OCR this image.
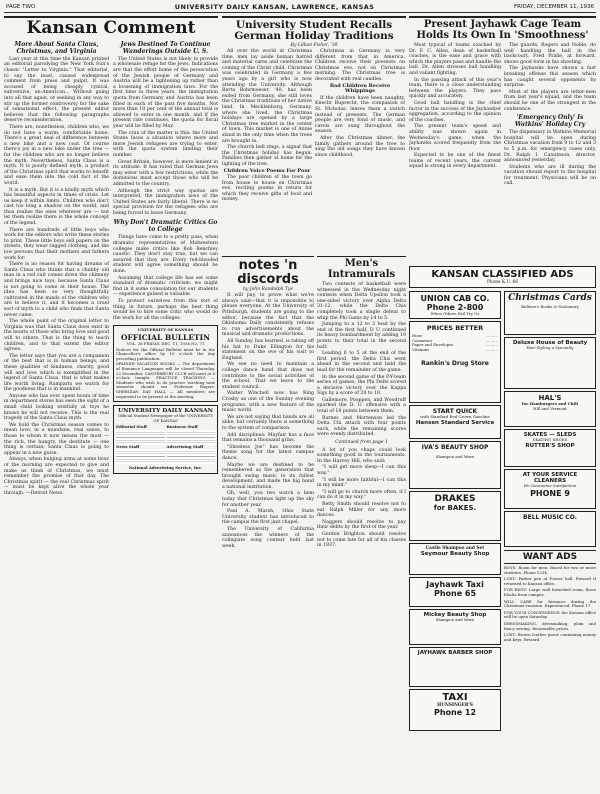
PAGE TWO	UNIVERSITY DAILY KANSAN, LAWRENCE, KANSAS	FRIDAY, DECEMBER 11, 1936
Kansan Comment
More About Santa Claus, Christmas, and Virginia

Last year at this time the Kansan printed an editorial parodying the New York Sun's classic "Letter to Virginia." That editorial, to say the least, caused widespread comment from press and pulpit. It was accused of being cheaply cynical, subversive, un-American... Without going into all that again, or seeking in any way to stir up the former controversy for the sake of sensational effect, the present editor believes that the following paragraphs deserve reconsideration.

There are, nonetheless, children who, we do not have a warm, comfortable home. There's a great deal of difference between a new bike and a new coat. Of course there's joy in a new bike under the tree — for the children who are no longer believe the myth. Nevertheless, Santa Claus is a myth. It is poorly defined myth, a product of the Christmas spirit that works to benefit and ease them into the cold fact of the world.

It is a myth. But it is a kindly myth which has beautiful aspects in times of crisis. Let us keep it within limits. Children who don't cast too long a shadow on the world, and thus realize the ones wherever are — but let them realize there is the whole concept of the legend.

There are hundreds of little boys who work for the editors who write these stories to print. These little boys sell papers on the streets, they wear ragged clothing, and the low persons that their mothers and fathers work for.

There is no reason for having dreams of Santa Claus who thinks that a chubby old man in a red suit comes down the chimney and brings nice toys, because Santa Claus is not going to come at their house. The idea has been so very thoughtfully cultivated in the minds of the children who are to believe it, and it becomes a cruel sort of myth to a child who finds that Santa never came.

The whole point of the original letter to Virginia was that Santa Claus does exist in the hearts of those who bring love and good will to others. That is the thing to teach children, and to that extent the editor agrees.

The letter says that you are a companion of the best that is in human beings, and these qualities of kindness, charity, good will and love which is exemplified in the legend of Santa Claus, that is what makes life worth living. Ramparts we watch for the goodness that is in mankind.

Anyone who has ever spent hours of time in department stores has seen the sight of a small child looking wistfully at toys he knows he will not receive. This is the real tragedy of the Santa Claus myth.

We hold the Christmas season comes to mean love, in a mundane, real sense, to those to whom it now means the most — the rich, the hungry, the destitute — one thing is certain: Santa Claus is going to appear in a new guise.

Always, when bulging arms at some hour of the morning are expected to give and make us think of Christmas, we must remember the promise of that day. The Christmas spirit — the real Christmas spirit — must be kept alive the whole year through. —Detroit News.

Jews Destined To Continue Wanderings Outside U. S.

The United States is not likely to provide a wholesale refuge for the Jews. Indications are that the effort home of the persecution of the Jewish people of Germany and Austria will be a tightening up rather than a loosening of immigration laws. For the first time in three years, the immigration quota from Germany and Austria has been filled in each of the past five months. Not more than 10 per cent of the annual total is allowed to enter in one month, and if the present rate continues, the quota for fiscal year will be filled by May.

The crux of the matter is this: the United States faces a situation where more and more Jewish refugees are trying to enter, with the quota system limiting their number.

Great Britain, however, is more lenient in its attitude. It has ruled that German Jews may enter with a few restrictions, while the dominions must accept those who will be admitted to the country.

Although the strict way quotas are interpreted, the immigration laws of the United States are fairly liberal. There is no special provision for the refugees who are being forced to leave Germany.

Why Don't Dramatic Critics Go to College

Things have come to a pretty pass, when dramatic representatives of Midwestern colleges make critics like Bob Benchley caustic. They don't stay true, but we can assured that they are. Every red-blooded student will agree something should be done.

Assuming that college life has set some standard of dramatic criticism, we might find in it some consolation for our students — experience gained is valuable.

To protect ourselves from this sort of thing in future, perhaps the best thing would be to hire some critic who would do the work for all the colleges.

UNIVERSITY OF KANSAS
OFFICIAL BULLETIN
VOL. 38 FRIDAY, DEC. 11, 1936 No. 71
Notices for the Official Bulletin must be in the Chancellor's office by 10 o'clock the day preceding publication.
SPANISH VACATION BOOKS — The department of Romance Languages will be closed Thursday, 22 December. CANTERBURY CLUB will meet at 8 o'clock tonight. PRACTICE TEACHING — Students who wish to do practice teaching next semester should see Professor Rogers. SHERIDAN DAY HALL — All members are requested to be present at the meeting.
UNIVERSITY DAILY KANSAN
Official Student Newspaper of the UNIVERSITY OF KANSAS
Editorial Staff
News Staff
Business Staff
Advertising Staff
National Advertising Service, Inc.
University Student Recalls German Holiday Traditions
By Lillian Fisher, '38

All over the world at Christmas time, men lay aside human hatred and material cares and celebrate the coming of the Christ child. Christmas was celebrated in Germany a few years ago by a girl who is now attending the University. Although Berta Rohrmoeser, '40, has been exiled from Germany, she still loves the Christmas traditions of her native land. In Mecklenburg, Germany, where she lived, the Christmas holidays are opened by a large Christmas tree market in the center of town. This market is one of Annie sland in the only time when the trees are brought in.

The church bell rings, a signal that the Christmas holiday has begun. Families then gather at home for the lighting of the tree.

Children Voice Poems For Poor

The poor children of the town go from house to house on Christmas eve, reciting poems in return for which they receive gifts of food and money.

Christmas in Germany is very different from that in America. Children receive their presents on Christmas eve, not on Christmas morning. The Christmas tree is decorated with real candles.

Bad Children Receive Whippings

If the children have been naughty, Knecht Ruprecht, the companion of St. Nicholas, leaves them a switch instead of presents. The German people are very fond of music, and carols are sung throughout the season.

After the Christmas dinner, the family gathers around the tree to sing the old songs they have known since childhood.

notes 'n
discords
by John Randolph Tye

It will pay, to prove what we're always said—that it is impossible to please everyone. At the University of Pittsburgh, students are going to the editor, because the fact that the Oklahoma Daily consistently refuses to run advertisements about the musical and dramatic productions.

All Sunday, has learned, is taking off his hat to Duke Ellington for his statement on the eve of his visit to England.

We see no need to maintain a college dance band that does not contribute to the social activities of the school. That we leave to the student council.

Walter Winchell now has Bing Crosby as one of the Sunday evening programs, with a new feature of the music world.

We are not saying that bands are all alike, but certainly there is something to the system of comparison.

Add disciplines: Mayfair has a face that remains a thousand grins.

"Shoeless Joe" has become the theme song for the latest campus dance.

Maybe we are destined to be remembered as the generation that brought swing music to its fullest development, and made the big band a national institution.

Oh, well, you two watch a hem today that Christmas light up the sky for another year.

Paul A. Marsh, Ohio State University student has introduced to the campus the first jazz chapel.

The University of California announces the winners of the collegiate song contest held last week.

Men's Intramurals

Two contests of basketball were witnessed in the Wednesday night contests when Delta Upsilon took a one-sided victory over Alpha Delta 31-12, while the Delta Chis completely took a single defeat to whip the Phi Gams by 14 to 5.

Jumping to a 12 to 2 lead by the end of the first half, D U continued its heavy bombardment by adding 19 points to their total in the second half.

Leading 6 to 5 at the end of the first period, the Delta Chis went ahead in the second and held the lead for the remainder of the game.

In the second game of the P-Y-team series of games, the Phi Delts scored a decisive victory over the Kappa Sigs by a score of 20 to 10.

Gallemore, Pooppen, and Woodruff sparked the D. U. offensive with a total of 18 points between them.

Barnes and Mortenson led the Delta Chi attack with four points each, while the remaining scores were evenly distributed.

Continued from page 1

A lot of you chaps could look something good in the tournaments. In the Harvey Hill, who said:

"I will get more sleep—I can this way."

"I will be more faithful—I can this in my mind."

"I will go to church more often, if I can do it in my way."

Betty Smith should resolve not to eat Ralph Miller for any more dances.

Naggers should resolve to pay their debts by the first of the year.

Gordon Brighton should resolve not to come late for all of his classes in 1937.

Present Jayhawk Cage Team Holds Its Own In 'Smoothness'

Most typical of teams coached by Dr. F. C. Allen, dean of basketball coaches, is the ease and grace with which the players pass and handle the ball. Dr. Allen stresses ball handling and valiant fighting.

In the passing attack of this year's team, there is a close understanding between the players. They pass quickly and accurately.

Good ball handling is the chief factor in the success of the Jayhawker aggregation, according to the opinion of the coaches.

The present team's speed and ability was shown again in Wednesday's game, when the Jayhawks scored frequently from the floor.

Expected to be one of the finest teams of recent years, the current squad is strong in every department.

The guards, Rogers and Noble, do well handling the ball in the backcourt. Fred Pralle, at forward, shows good form in his shooting.

The Jayhawks have shown a fast breaking offense this season which has caught several opponents by surprise.

Most of the players are letter-men from last year's squad, and the team should be one of the strongest in the conference.

'Emergency Only' Is Watkins' Holiday Cry

The dispensary in Watkins Memorial hospital will be open during Christmas vacation from 9 to 12 and 3 to 5 p.m. for emergency cases only, Dr. Ralph I. Canuteson, director, announced yesterday.

Students who are ill during the vacation should report to the hospital for treatment. Physicians will be on call.

KANSAN CLASSIFIED ADS
Phone K.U. 66
UNION CAB CO.
Phone 2-800
When Others Fail Try Us
PRICES BETTER
Hose	..........
Cosmetics	..........
Paper and Envelopes	..........
Vitamins	..........
Rankin's Drug Store
START QUICK
with Standard Red Crown Gasoline
Hansen Standard Service
IVA'S BEAUTY SHOP
Shampoo and Wave
DRAKES
for BAKES.
Castle Shampoo and Set
Seymour Beauty Shop
Jayhawk Taxi
Phone 65
Mickey Beauty Shop
Shampoo and Wave
JAYHAWK BARBER SHOP
TAXI
HUNSINGER'S
Phone 12
Christmas Cards
Bullene's Books & Stationery
Deluxe House of Beauty
Hair Styling a Specialty
HAL'S
for Hamburgers and Chili
Hill and Vermont
SKATES — SLEDS
SKATING SHOES
RUTTER'S SHOP
AT YOUR SERVICE CLEANERS
We Guarantee Satisfaction
PHONE 9
BELL MUSIC CO.
WANT ADS

BOYS: Room for men. Board for two or more students. Phone 1234.

LOST: Parker pen at Fraser hall. Reward if returned to Kansan office.

FOR RENT: Large well furnished room, three blocks from campus.

WILL CARE for furnaces during the Christmas vacation. Experienced. Phone 17.

FOR YOUR CONVENIENCE the Kansan office will be open Saturday.

DRESSMAKING, dressmaking, plain and fancy sewing. Reasonable prices.

LOST: Brown leather purse containing money and keys. Reward.
